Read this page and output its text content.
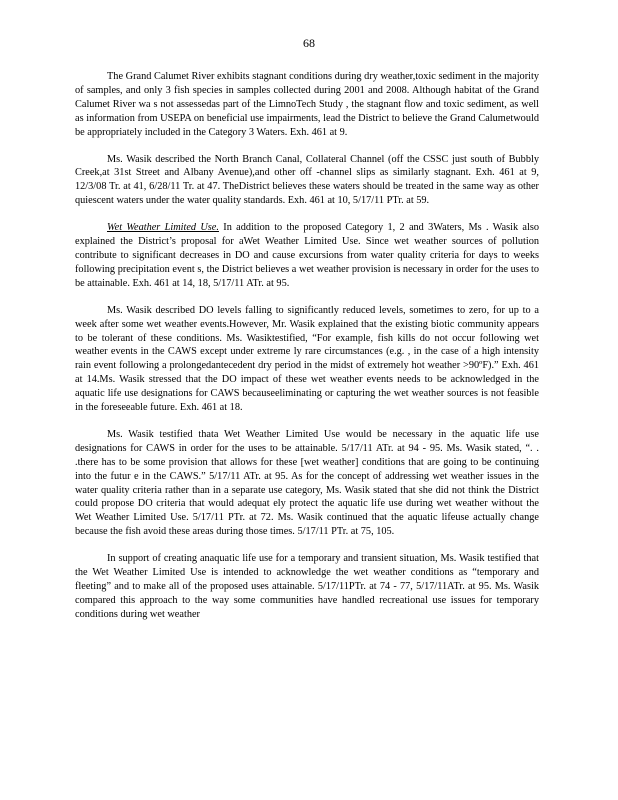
68

The Grand Calumet River exhibits stagnant conditions during dry weather,toxic sediment in the majority of samples, and only 3 fish species in samples collected during 2001 and 2008. Although habitat of the Grand Calumet River wa s not assessedas part of the LimnoTech Study , the stagnant flow and toxic sediment, as well as information from USEPA on beneficial use impairments, lead the District to believe the Grand Calumetwould be appropriately included in the Category 3 Waters. Exh. 461 at 9.

Ms. Wasik described the North Branch Canal, Collateral Channel (off the CSSC just south of Bubbly Creek,at 31st Street and Albany Avenue),and other off -channel slips as similarly stagnant. Exh. 461 at 9, 12/3/08 Tr. at 41, 6/28/11 Tr. at 47. TheDistrict believes these waters should be treated in the same way as other quiescent waters under the water quality standards. Exh. 461 at 10, 5/17/11 PTr. at 59.

Wet Weather Limited Use. In addition to the proposed Category 1, 2 and 3Waters, Ms . Wasik also explained the District’s proposal for aWet Weather Limited Use. Since wet weather sources of pollution contribute to significant decreases in DO and cause excursions from water quality criteria for days to weeks following precipitation event s, the District believes a wet weather provision is necessary in order for the uses to be attainable. Exh. 461 at 14, 18, 5/17/11 ATr. at 95.

Ms. Wasik described DO levels falling to significantly reduced levels, sometimes to zero, for up to a week after some wet weather events.However, Mr. Wasik explained that the existing biotic community appears to be tolerant of these conditions. Ms. Wasiktestified, “For example, fish kills do not occur following wet weather events in the CAWS except under extreme ly rare circumstances (e.g. , in the case of a high intensity rain event following a prolongedantecedent dry period in the midst of extremely hot weather >90ºF).” Exh. 461 at 14.Ms. Wasik stressed that the DO impact of these wet weather events needs to be acknowledged in the aquatic life use designations for CAWS becauseeliminating or capturing the wet weather sources is not feasible in the foreseeable future. Exh. 461 at 18.

Ms. Wasik testified thata Wet Weather Limited Use would be necessary in the aquatic life use designations for CAWS in order for the uses to be attainable. 5/17/11 ATr. at 94 - 95. Ms. Wasik stated, “. . .there has to be some provision that allows for these [wet weather] conditions that are going to be continuing into the futur e in the CAWS.” 5/17/11 ATr. at 95. As for the concept of addressing wet weather issues in the water quality criteria rather than in a separate use category, Ms. Wasik stated that she did not think the District could propose DO criteria that would adequat ely protect the aquatic life use during wet weather without the Wet Weather Limited Use. 5/17/11 PTr. at 72. Ms. Wasik continued that the aquatic lifeuse actually change because the fish avoid these areas during those times. 5/17/11 PTr. at 75, 105.

In support of creating anaquatic life use for a temporary and transient situation, Ms. Wasik testified that the Wet Weather Limited Use is intended to acknowledge the wet weather conditions as “temporary and fleeting” and to make all of the proposed uses attainable. 5/17/11PTr. at 74 - 77, 5/17/11ATr. at 95. Ms. Wasik compared this approach to the way some communities have handled recreational use issues for temporary conditions during wet weather
